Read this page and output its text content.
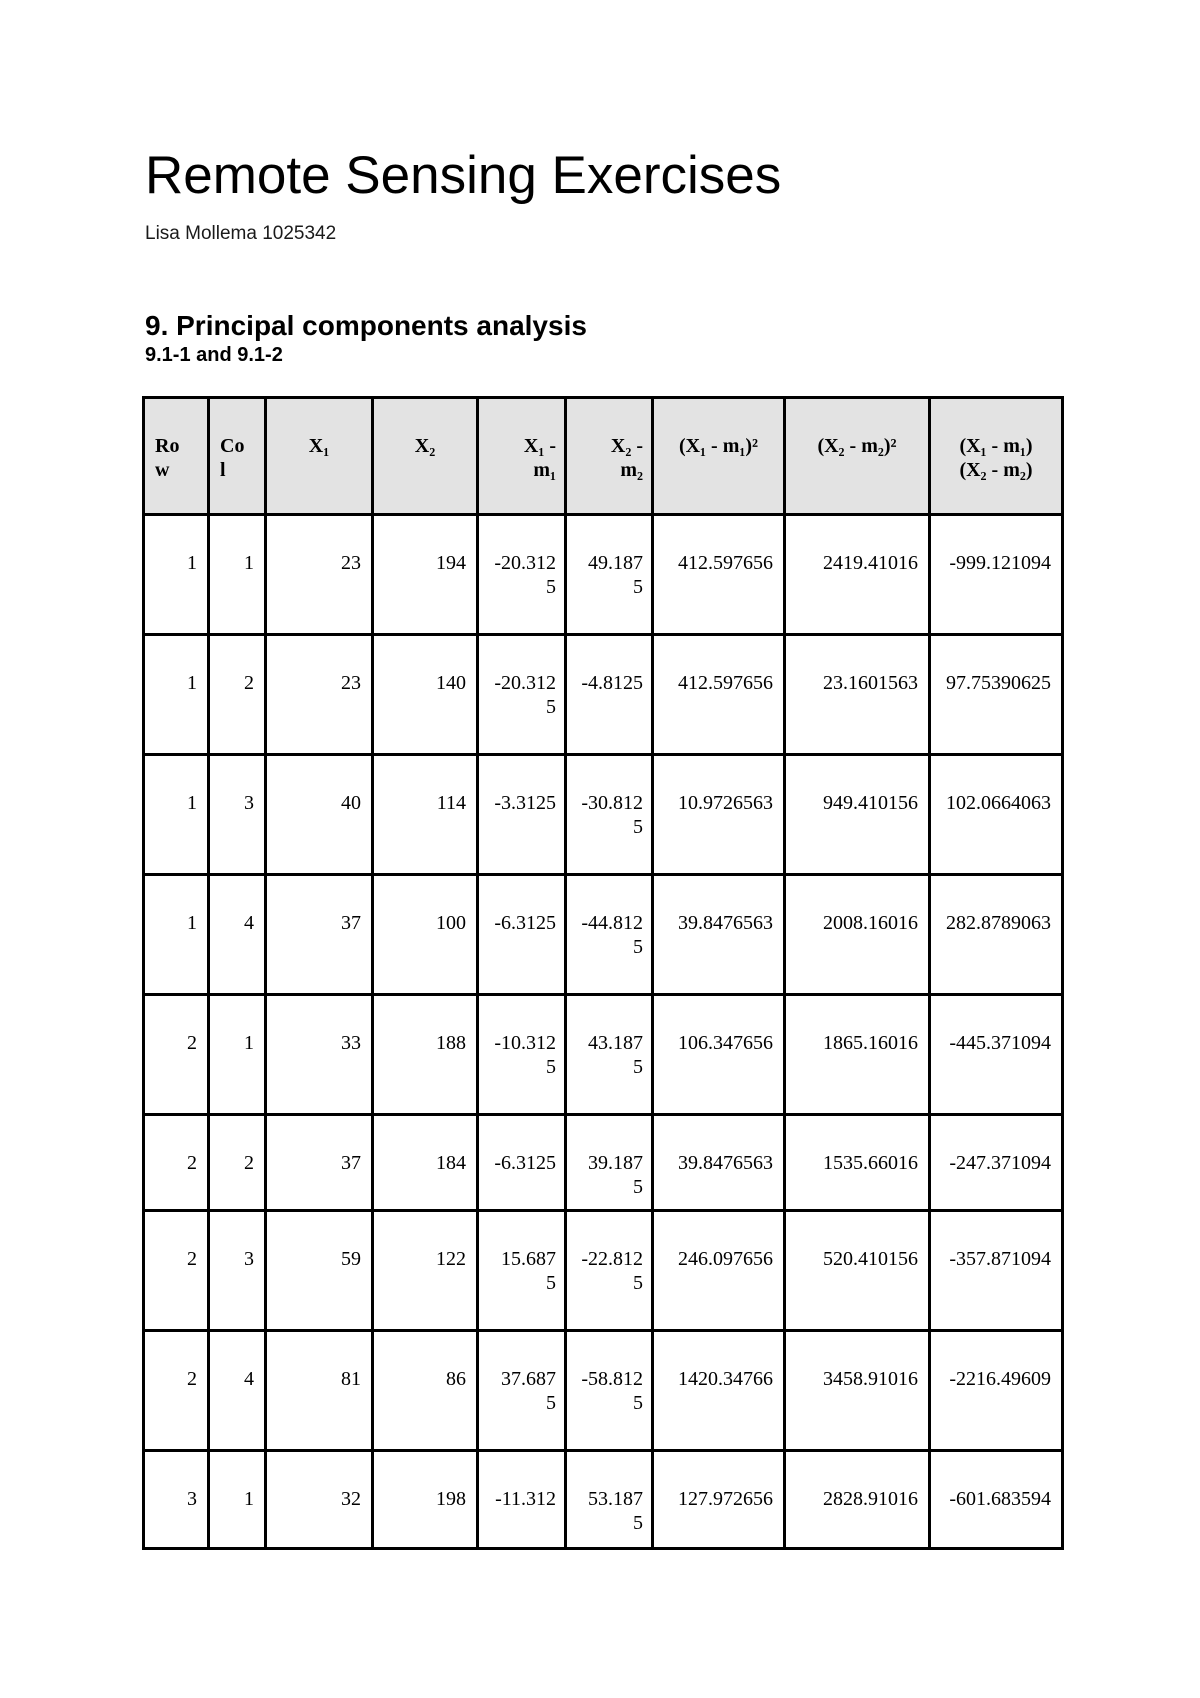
Remote Sensing Exercises
Lisa Mollema 1025342
9. Principal components analysis
9.1-1 and 9.1-2
Row	Col	X₁	X₂	X₁ - m₁	X₂ - m₂	(X₁ - m₁)²	(X₂ - m₂)²	(X₁ - m₁)(X₂ - m₂)

1	1	23	194	-20.3125	49.1875	412.597656	2419.41016	-999.121094
1	2	23	140	-20.3125	-4.8125	412.597656	23.1601563	97.75390625
1	3	40	114	-3.3125	-30.8125	10.9726563	949.410156	102.0664063
1	4	37	100	-6.3125	-44.8125	39.8476563	2008.16016	282.8789063
2	1	33	188	-10.3125	43.1875	106.347656	1865.16016	-445.371094
2	2	37	184	-6.3125	39.1875	39.8476563	1535.66016	-247.371094
2	3	59	122	15.6875	-22.8125	246.097656	520.410156	-357.871094
2	4	81	86	37.6875	-58.8125	1420.34766	3458.91016	-2216.49609
3	1	32	198	-11.312	53.1875	127.972656	2828.91016	-601.683594
